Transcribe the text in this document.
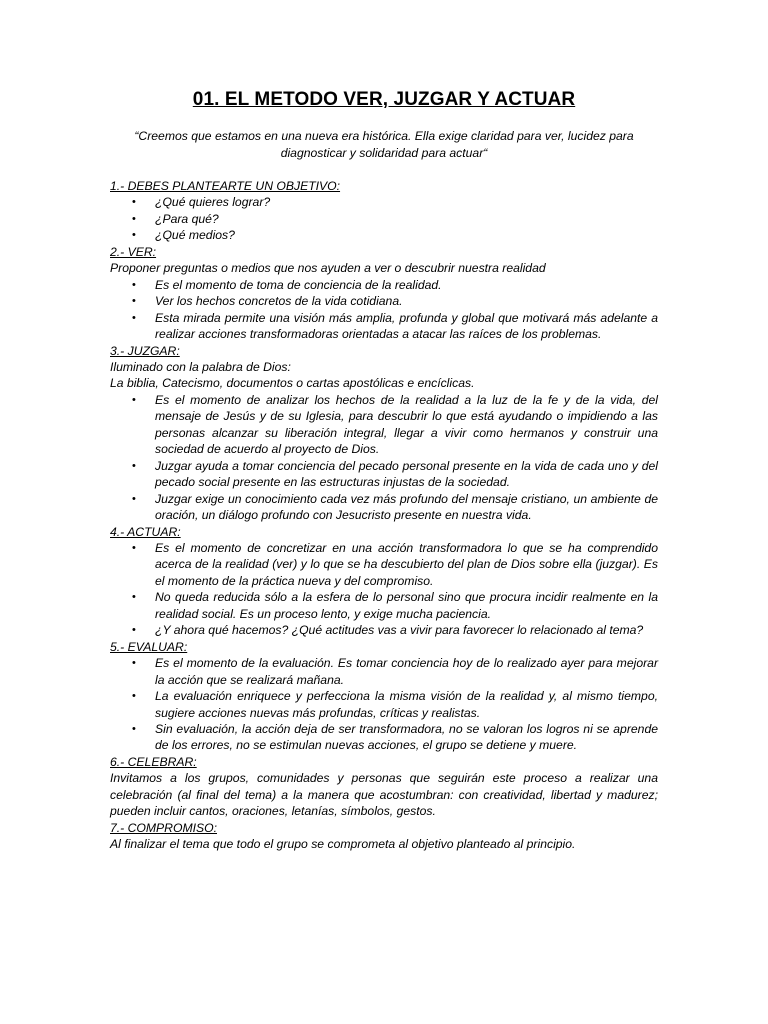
01. EL METODO VER, JUZGAR Y ACTUAR
“Creemos que estamos en una nueva era histórica. Ella exige claridad para ver, lucidez para diagnosticar y solidaridad para actuar“
1.- DEBES PLANTEARTE UN OBJETIVO:
• ¿Qué quieres lograr?
• ¿Para qué?
• ¿Qué medios?
2.- VER:
Proponer preguntas o medios que nos ayuden a ver o descubrir nuestra realidad
• Es el momento de toma de conciencia de la realidad.
• Ver los hechos concretos de la vida cotidiana.
• Esta mirada permite una visión más amplia, profunda y global que motivará más adelante a realizar acciones transformadoras orientadas a atacar las raíces de los problemas.
3.- JUZGAR:
Iluminado con la palabra de Dios:
La biblia, Catecismo, documentos o cartas apostólicas e encíclicas.
• Es el momento de analizar los hechos de la realidad a la luz de la fe y de la vida, del mensaje de Jesús y de su Iglesia, para descubrir lo que está ayudando o impidiendo a las personas alcanzar su liberación integral, llegar a vivir como hermanos y construir una sociedad de acuerdo al proyecto de Dios.
• Juzgar ayuda a tomar conciencia del pecado personal presente en la vida de cada uno y del pecado social presente en las estructuras injustas de la sociedad.
• Juzgar exige un conocimiento cada vez más profundo del mensaje cristiano, un ambiente de oración, un diálogo profundo con Jesucristo presente en nuestra vida.
4.- ACTUAR:
• Es el momento de concretizar en una acción transformadora lo que se ha comprendido acerca de la realidad (ver) y lo que se ha descubierto del plan de Dios sobre ella (juzgar). Es el momento de la práctica nueva y del compromiso.
• No queda reducida sólo a la esfera de lo personal sino que procura incidir realmente en la realidad social. Es un proceso lento, y exige mucha paciencia.
• ¿Y ahora qué hacemos? ¿Qué actitudes vas a vivir para favorecer lo relacionado al tema?
5.- EVALUAR:
• Es el momento de la evaluación. Es tomar conciencia hoy de lo realizado ayer para mejorar la acción que se realizará mañana.
• La evaluación enriquece y perfecciona la misma visión de la realidad y, al mismo tiempo, sugiere acciones nuevas más profundas, críticas y realistas.
• Sin evaluación, la acción deja de ser transformadora, no se valoran los logros ni se aprende de los errores, no se estimulan nuevas acciones, el grupo se detiene y muere.
6.- CELEBRAR:
Invitamos a los grupos, comunidades y personas que seguirán este proceso a realizar una celebración (al final del tema) a la manera que acostumbran: con creatividad, libertad y madurez; pueden incluir cantos, oraciones, letanías, símbolos, gestos.
7.- COMPROMISO:
Al finalizar el tema que todo el grupo se comprometa al objetivo planteado al principio.
